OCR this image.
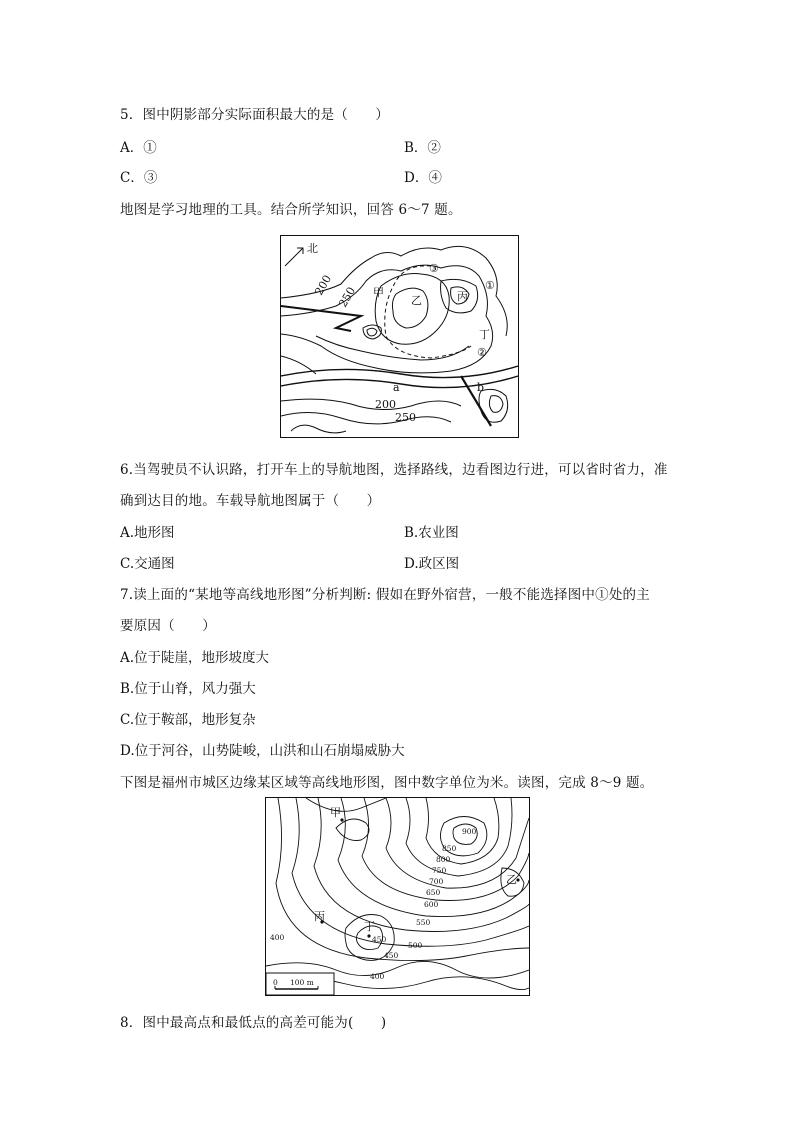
5．图中阴影部分实际面积最大的是（　　）
A．①	B．②
C．③	D．④
地图是学习地理的工具。结合所学知识，回答 6～7 题。
北
200 250 甲
乙	丙
丁
①
②
③
a	b
200
250
6.当驾驶员不认识路，打开车上的导航地图，选择路线，边看图边行进，可以省时省力，准
确到达目的地。车载导航地图属于（　　）
A.地形图	B.农业图
C.交通图	D.政区图
7.读上面的“某地等高线地形图”分析判断: 假如在野外宿营，一般不能选择图中①处的主
要原因（　　）
A.位于陡崖，地形坡度大
B.位于山脊，风力强大
C.位于鞍部，地形复杂
D.位于河谷，山势陡峻，山洪和山石崩塌威胁大
下图是福州市城区边缘某区域等高线地形图，图中数字单位为米。读图，完成 8～9 题。
甲
乙
丙
丁
900
850
800
750
700
650
600
550
500
450
450
400
400
0 100 m
8．图中最高点和最低点的高差可能为(　　)
